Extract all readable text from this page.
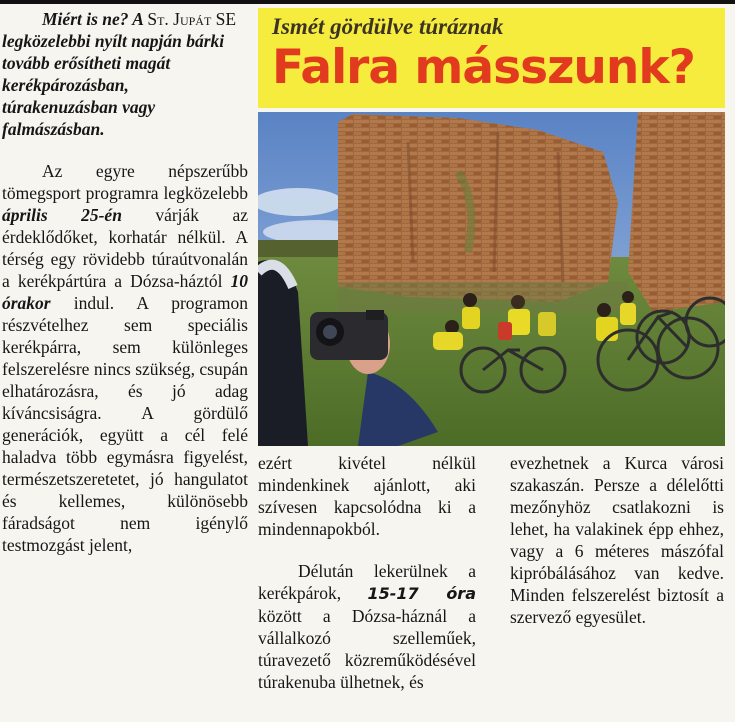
Miért is ne? A St. Jupát SE legközelebbi nyílt napján bárki tovább erősítheti magát kerékpározásban, túrakenuzásban vagy falmászásban.

Az egyre népszerűbb tömegsport programra legközelebb április 25-én várják az érdeklődőket, korhatár nélkül. A térség egy rövidebb túraútvonalán a kerékpártúra a Dózsa-háztól 10 órakor indul. A programon részvételhez sem speciális kerékpárra, sem különleges felszerelésre nincs szükség, csupán elhatározásra, és jó adag kíváncsiságra. A gördülő generációk, együtt a cél felé haladva több egymásra figyelést, természetszeretetet, jó hangulatot és kellemes, különösebb fáradságot nem igénylő testmozgást jelent,

Ismét gördülve túráznak
Falra másszunk?

ezért kivétel nélkül mindenkinek ajánlott, aki szívesen kapcsolódna ki a mindennapokból.

Délután lekerülnek a kerékpárok, 15-17 óra között a Dózsa-háznál a vállalkozó szelleműek, túravezető közreműködésével túrakenuba ülhetnek, és

evezhetnek a Kurca városi szakaszán. Persze a délelőtti mezőnyhöz csatlakozni is lehet, ha valakinek épp ehhez, vagy a 6 méteres mászófal kipróbálásához van kedve. Minden felszerelést biztosít a szervező egyesület.
